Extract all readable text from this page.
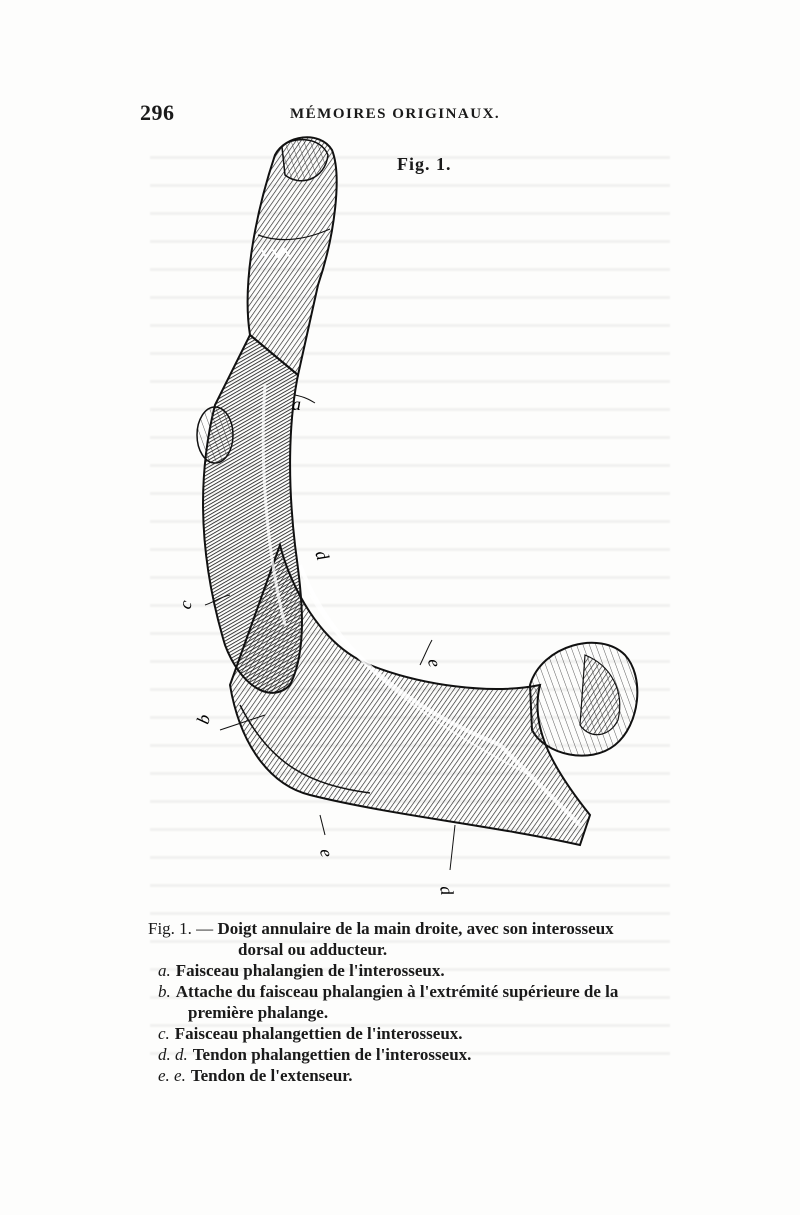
296	MÉMOIRES ORIGINAUX.
Fig. 1.
a
d
c
e
b
e
d
Fig. 1. — Doigt annulaire de la main droite, avec son interosseux
dorsal ou adducteur.
a. Faisceau phalangien de l'interosseux.
b. Attache du faisceau phalangien à l'extrémité supérieure de la
première phalange.
c. Faisceau phalangettien de l'interosseux.
d. d. Tendon phalangettien de l'interosseux.
e. e. Tendon de l'extenseur.
